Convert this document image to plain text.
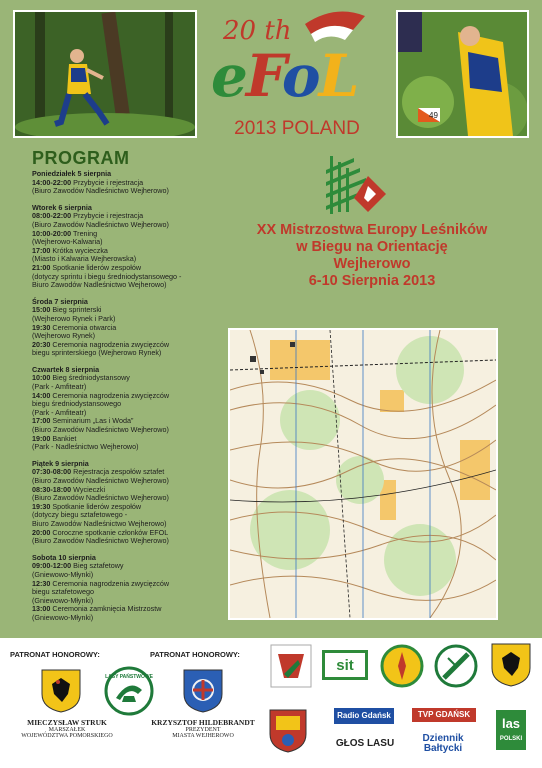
20 th
eFoL
2013 POLAND
49
PROGRAM
Poniedziałek 5 sierpnia
14:00-22:00 Przybycie i rejestracja
(Biuro Zawodów Nadleśnictwo Wejherowo)
Wtorek 6 sierpnia
08:00-22:00 Przybycie i rejestracja
(Biuro Zawodów Nadleśnictwo Wejherowo)
10:00-20:00 Trening
(Wejherowo-Kalwaria)
17:00 Krótka wycieczka
(Miasto i Kalwaria Wejherowska)
21:00 Spotkanie liderów zespołów
(dotyczy sprintu i biegu średniodystansowego -
Biuro Zawodów Nadleśnictwo Wejherowo)
Środa 7 sierpnia
15:00 Bieg sprinterski
(Wejherowo Rynek i Park)
19:30 Ceremonia otwarcia
(Wejherowo Rynek)
20:30 Ceremonia nagrodzenia zwycięzców
biegu sprinterskiego (Wejherowo Rynek)
Czwartek 8 sierpnia
10:00 Bieg średniodystansowy
(Park - Amfiteatr)
14:00 Ceremonia nagrodzenia zwycięzców
biegu średniodystansowego
(Park - Amfiteatr)
17:00 Seminarium „Las i Woda”
(Biuro Zawodów Nadleśnictwo Wejherowo)
19:00 Bankiet
(Park - Nadleśnictwo Wejherowo)
Piątek 9 sierpnia
07:30-08:00 Rejestracja zespołów sztafet
(Biuro Zawodów Nadleśnictwo Wejherowo)
08:30-18:00 Wycieczki
(Biuro Zawodów Nadleśnictwo Wejherowo)
19:30 Spotkanie liderów zespołów
(dotyczy biegu sztafetowego -
Biuro Zawodów Nadleśnictwo Wejherowo)
20:00 Coroczne spotkanie członków EFOL
(Biuro Zawodów Nadleśnictwo Wejherowo)
Sobota 10 sierpnia
09:00-12:00 Bieg sztafetowy
(Gniewowo-Młynki)
12:30 Ceremonia nagrodzenia zwycięzców
biegu sztafetowego
(Gniewowo-Młynki)
13:00 Ceremonia zamknięcia Mistrzostw
(Gniewowo-Młynki)
XX Mistrzostwa Europy Leśników
w Biegu na Orientację
Wejherowo
6-10 Sierpnia 2013
PATRONAT HONOROWY:	PATRONAT HONOROWY:
MIECZYSŁAW STRUK
MARSZAŁEK
WOJEWÓDZTWA POMORSKIEGO
LASY PAŃSTWOWE
KRZYSZTOF HILDEBRANDT
PREZYDENT
MIASTA WEJHEROWO
sit
Radio Gdańsk
GŁOS LASU
TVP GDAŃSK
Dziennik
Bałtycki
las
POLSKI
